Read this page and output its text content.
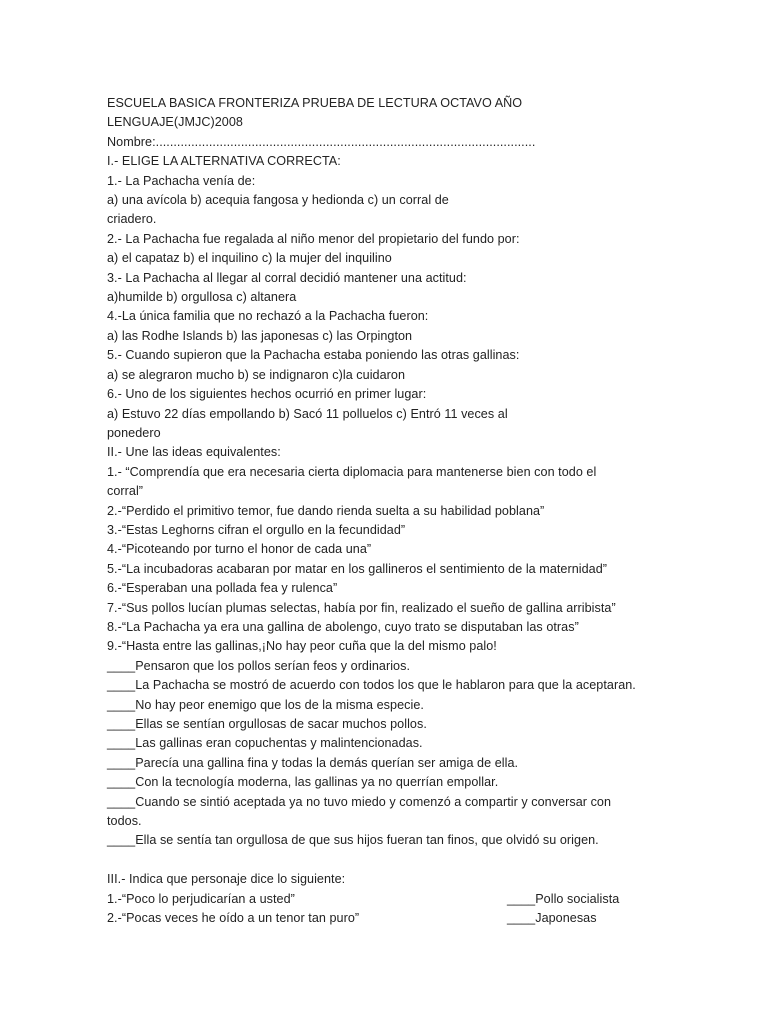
ESCUELA BASICA FRONTERIZA PRUEBA DE LECTURA OCTAVO AÑO

LENGUAJE(JMJC)2008

Nombre:...........................................................................................................

I.- ELIGE LA ALTERNATIVA CORRECTA:

1.- La Pachacha venía de:

a) una avícola b) acequia fangosa y hedionda c) un corral de

criadero.

2.- La Pachacha fue regalada al niño menor del propietario del fundo por:

a) el capataz b) el inquilino c) la mujer del inquilino

3.- La Pachacha al llegar al corral decidió mantener una actitud:

a)humilde b) orgullosa c) altanera

4.-La única familia que no rechazó a la Pachacha fueron:

a) las Rodhe Islands b) las japonesas c) las Orpington

5.- Cuando supieron que la Pachacha estaba poniendo las otras gallinas:

a) se alegraron mucho b) se indignaron c)la cuidaron

6.- Uno de los siguientes hechos ocurrió en primer lugar:

a) Estuvo 22 días empollando b) Sacó 11 polluelos c) Entró 11 veces al

ponedero

II.- Une las ideas equivalentes:

1.- “Comprendía que era necesaria cierta diplomacia para mantenerse bien con todo el

corral”

2.-“Perdido el primitivo temor, fue dando rienda suelta a su habilidad poblana”

3.-“Estas Leghorns cifran el orgullo en la fecundidad”

4.-“Picoteando por turno el honor de cada una”

5.-“La incubadoras acabaran por matar en los gallineros el sentimiento de la maternidad”

6.-“Esperaban una pollada fea y rulenca”

7.-“Sus pollos lucían plumas selectas, había por fin, realizado el sueño de gallina arribista”

8.-“La Pachacha ya era una gallina de abolengo, cuyo trato se disputaban las otras”

9.-“Hasta entre las gallinas,¡No hay peor cuña que la del mismo palo!

____Pensaron que los pollos serían feos y ordinarios.

____La Pachacha se mostró de acuerdo con todos los que le hablaron para que la aceptaran.

____No hay peor enemigo que los de la misma especie.

____Ellas se sentían orgullosas de sacar muchos pollos.

____Las gallinas eran copuchentas y malintencionadas.

____Parecía una gallina fina y todas la demás querían ser amiga de ella.

____Con la tecnología moderna, las gallinas ya no querrían empollar.

____Cuando se sintió aceptada ya no tuvo miedo y comenzó a compartir y conversar con

todos.

____Ella se sentía tan orgullosa de que sus hijos fueran tan finos, que olvidó su origen.

III.- Indica que personaje dice lo siguiente:

1.-“Poco lo perjudicarían a usted”	____Pollo socialista
2.-“Pocas veces he oído a un tenor tan puro”	____Japonesas
